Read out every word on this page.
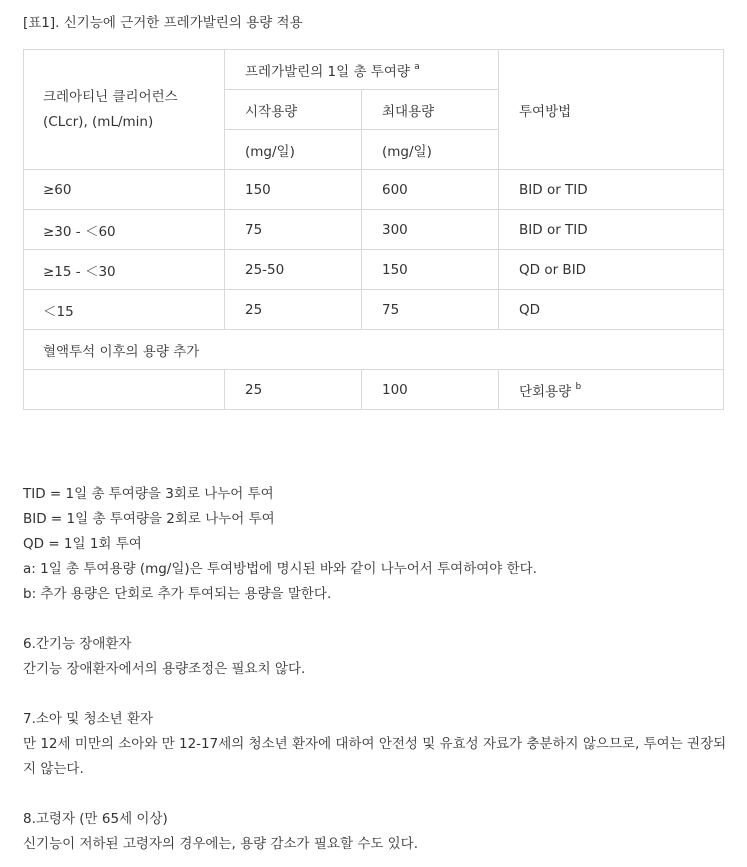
[표1]. 신기능에 근거한 프레가발린의 용량 적용
크레아티닌 클리어런스
(CLcr), (mL/min)	프레가발린의 1일 총 투여량 $^a$		투여방법
	시작용량	최대용량	
	(mg/일)	(mg/일)	
≥60	150	600	BID or TID
≥30 - ＜60	75	300	BID or TID
≥15 - ＜30	25-50	150	QD or BID
＜15	25	75	QD
혈액투석 이후의 용량 추가			
	25	100	단회용량 $^b$

TID = 1일 총 투여량을 3회로 나누어 투여

BID = 1일 총 투여량을 2회로 나누어 투여

QD = 1일 1회 투여

a: 1일 총 투여용량 (mg/일)은 투여방법에 명시된 바와 같이 나누어서 투여하여야 한다.

b: 추가 용량은 단회로 추가 투여되는 용량을 말한다.

6.간기능 장애환자

간기능 장애환자에서의 용량조정은 필요치 않다.

7.소아 및 청소년 환자

만 12세 미만의 소아와 만 12-17세의 청소년 환자에 대하여 안전성 및 유효성 자료가 충분하지 않으므로, 투여는 권장되지 않는다.

8.고령자 (만 65세 이상)

신기능이 저하된 고령자의 경우에는, 용량 감소가 필요할 수도 있다.
